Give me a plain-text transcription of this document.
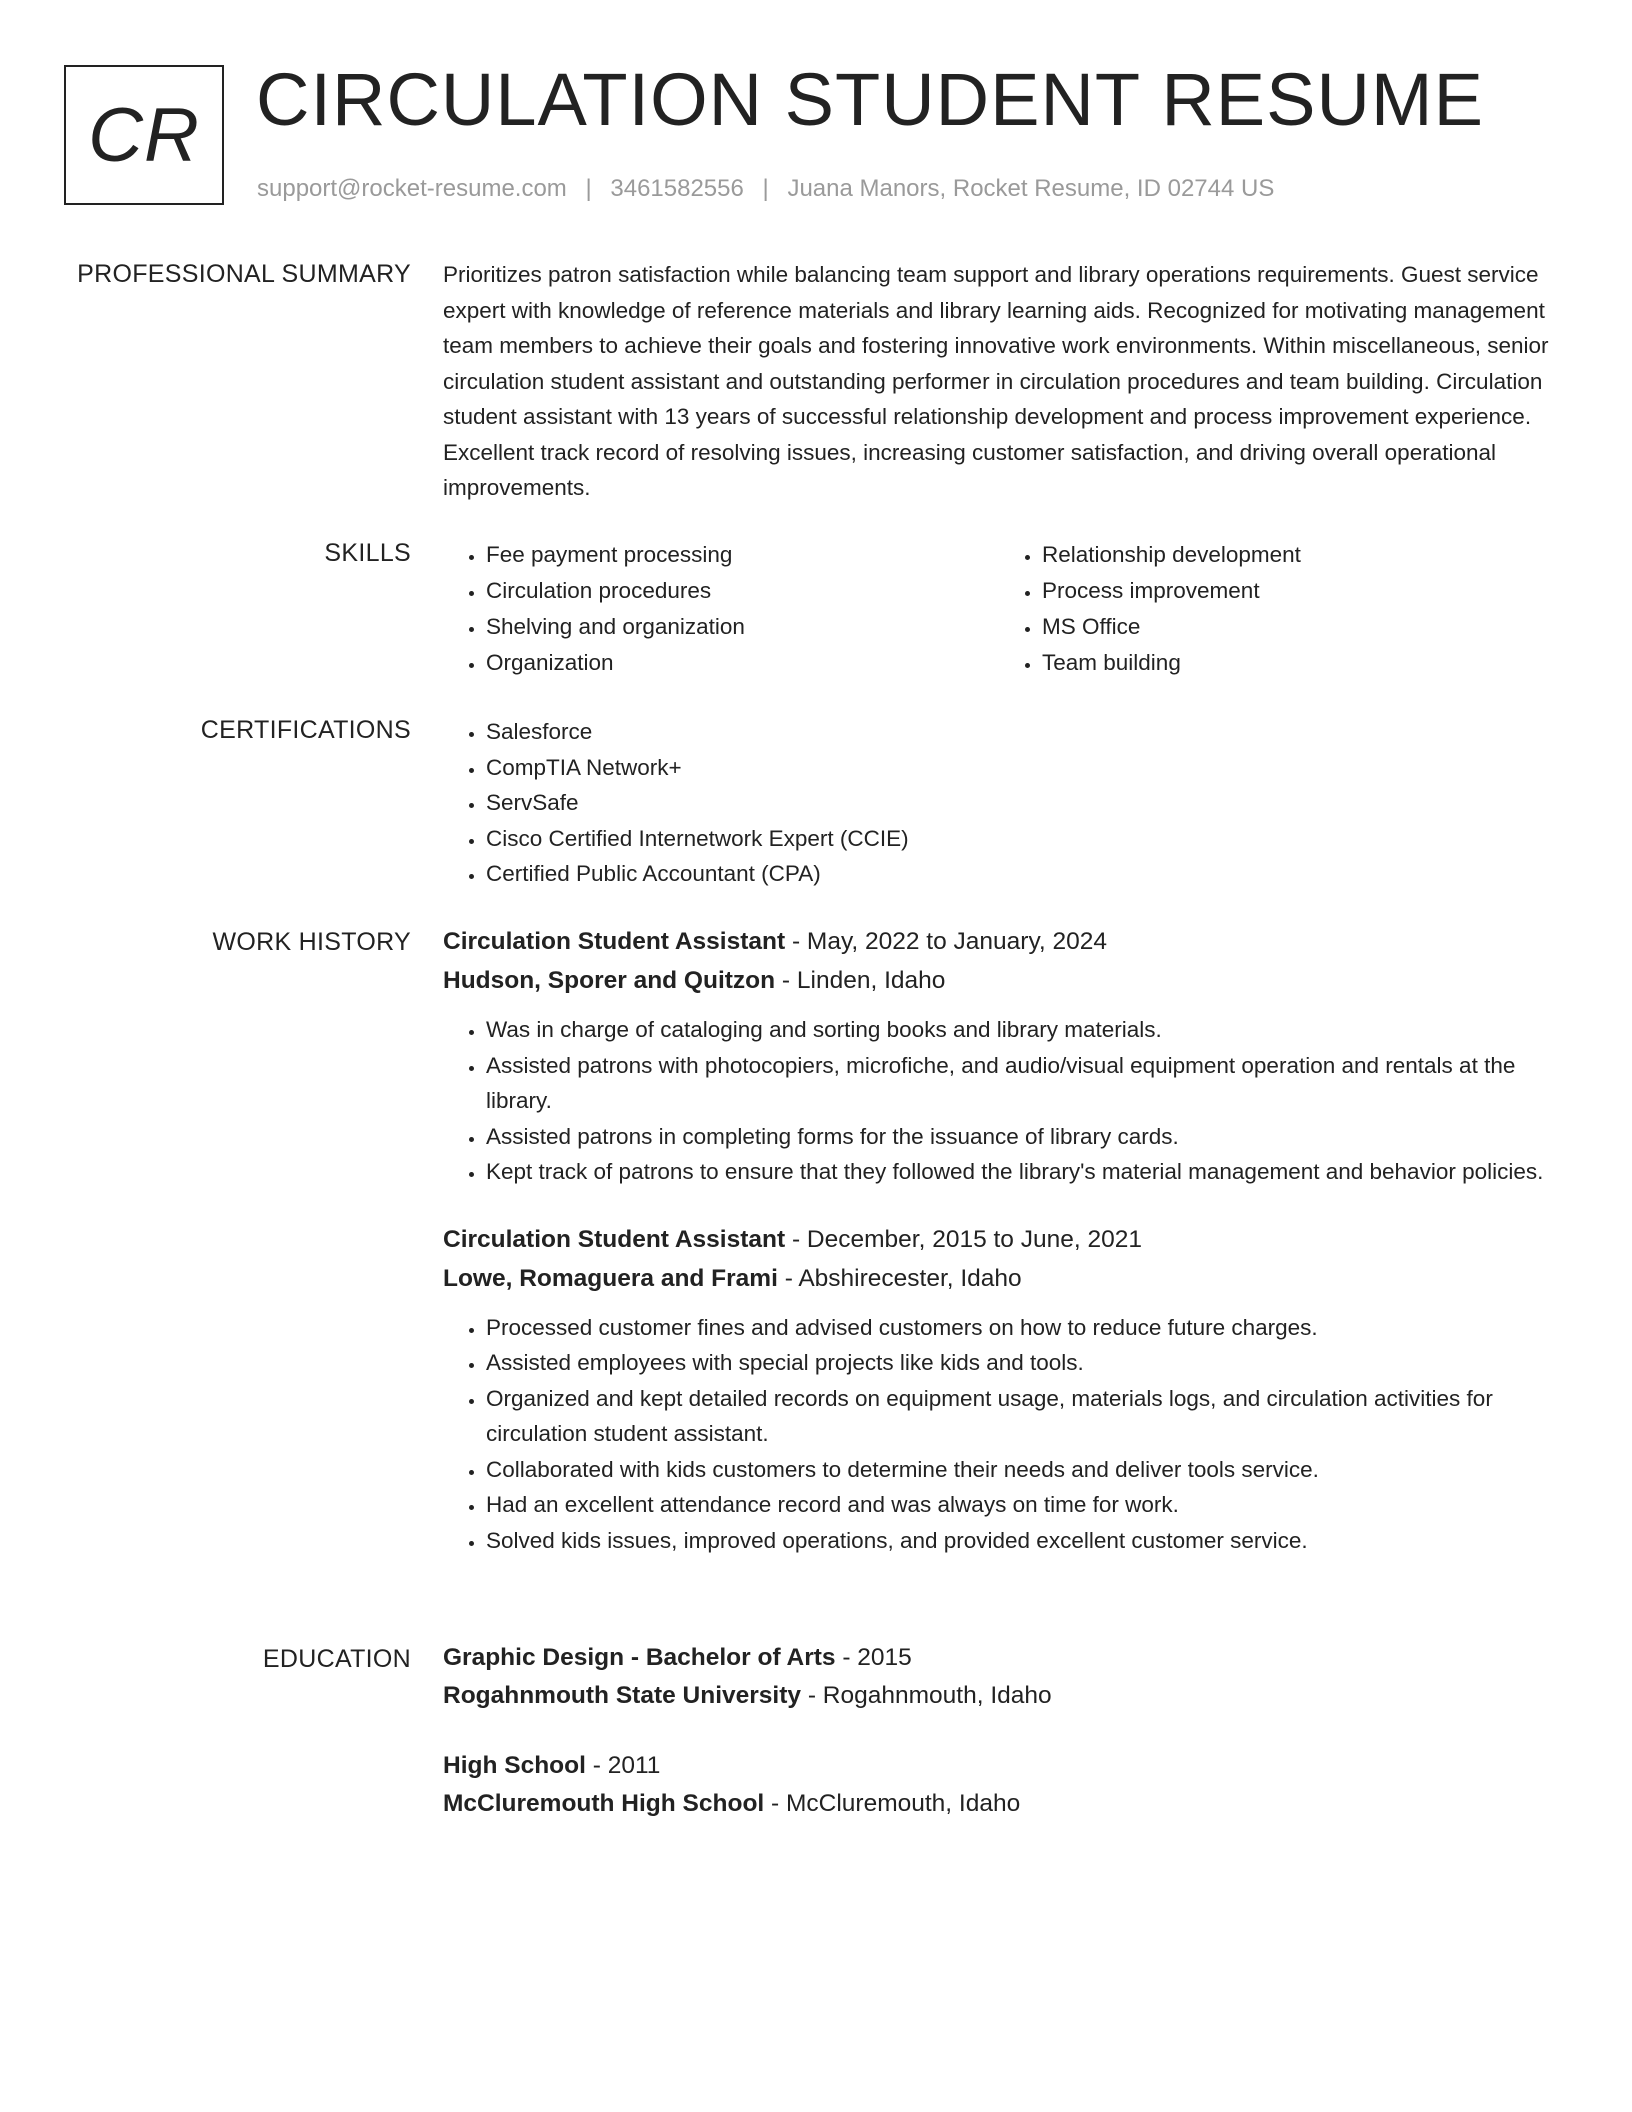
CR CIRCULATION STUDENT RESUME
support@rocket-resume.com | 3461582556 | Juana Manors, Rocket Resume, ID 02744 US
PROFESSIONAL SUMMARY Prioritizes patron satisfaction while balancing team support and library operations requirements. Guest service expert with knowledge of reference materials and library learning aids. Recognized for motivating management team members to achieve their goals and fostering innovative work environments. Within miscellaneous, senior circulation student assistant and outstanding performer in circulation procedures and team building. Circulation student assistant with 13 years of successful relationship development and process improvement experience. Excellent track record of resolving issues, increasing customer satisfaction, and driving overall operational improvements.

SKILLS	• Fee payment processing
• Circulation procedures
• Shelving and organization
• Organization
• Relationship development
• Process improvement
• MS Office
• Team building
CERTIFICATIONS	• Salesforce
• CompTIA Network+
• ServSafe
• Cisco Certified Internetwork Expert (CCIE)
• Certified Public Accountant (CPA)
WORK HISTORY Circulation Student Assistant - May, 2022 to January, 2024
Hudson, Sporer and Quitzon - Linden, Idaho
• Was in charge of cataloging and sorting books and library materials.
• Assisted patrons with photocopiers, microfiche, and audio/visual equipment operation and rentals at the library.
• Assisted patrons in completing forms for the issuance of library cards.
• Kept track of patrons to ensure that they followed the library's material management and behavior policies.
Circulation Student Assistant - December, 2015 to June, 2021
Lowe, Romaguera and Frami - Abshirecester, Idaho
• Processed customer fines and advised customers on how to reduce future charges.
• Assisted employees with special projects like kids and tools.
• Organized and kept detailed records on equipment usage, materials logs, and circulation activities for circulation student assistant.
• Collaborated with kids customers to determine their needs and deliver tools service.
• Had an excellent attendance record and was always on time for work.
• Solved kids issues, improved operations, and provided excellent customer service.
EDUCATION Graphic Design - Bachelor of Arts - 2015
Rogahnmouth State University - Rogahnmouth, Idaho
High School - 2011
McCluremouth High School - McCluremouth, Idaho
